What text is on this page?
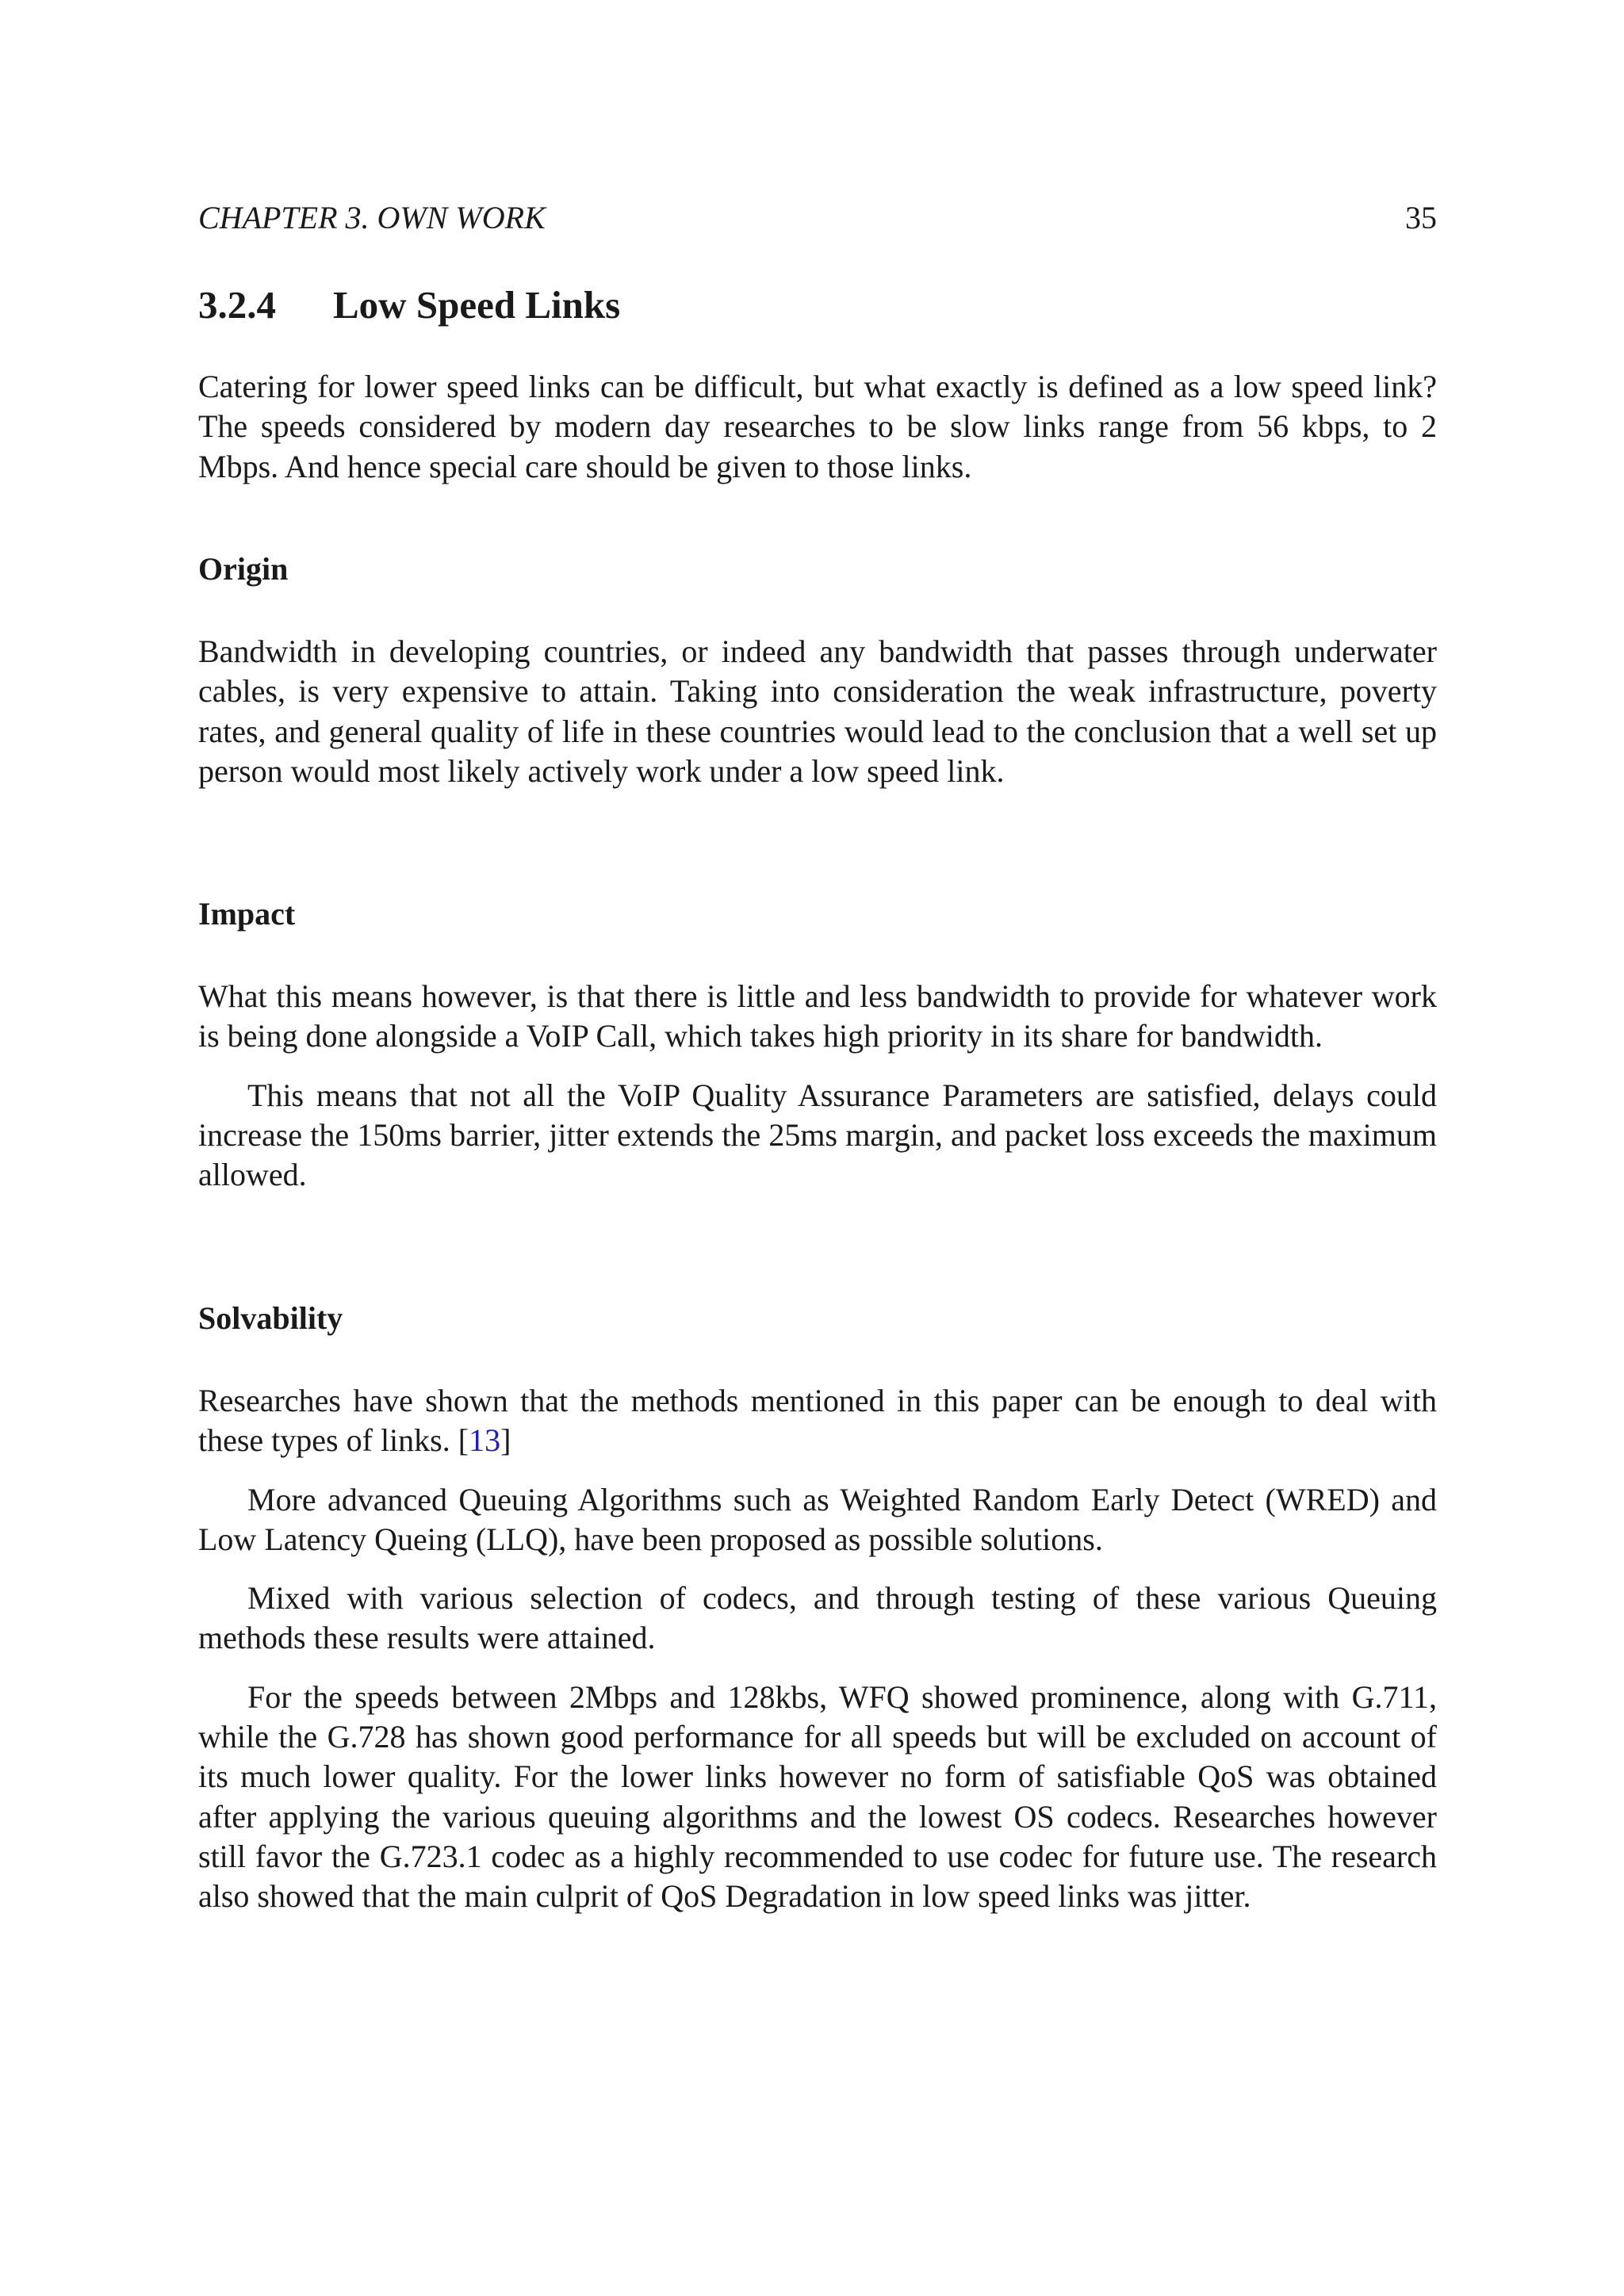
CHAPTER 3. OWN WORK	35
3.2.4 Low Speed Links

Catering for lower speed links can be difficult, but what exactly is defined as a low speed link? The speeds considered by modern day researches to be slow links range from 56 kbps, to 2 Mbps. And hence special care should be given to those links.

Origin

Bandwidth in developing countries, or indeed any bandwidth that passes through underwater cables, is very expensive to attain. Taking into consideration the weak infrastructure, poverty rates, and general quality of life in these countries would lead to the conclusion that a well set up person would most likely actively work under a low speed link.

Impact

What this means however, is that there is little and less bandwidth to provide for whatever work is being done alongside a VoIP Call, which takes high priority in its share for bandwidth.

This means that not all the VoIP Quality Assurance Parameters are satisfied, delays could increase the 150ms barrier, jitter extends the 25ms margin, and packet loss exceeds the maximum allowed.

Solvability

Researches have shown that the methods mentioned in this paper can be enough to deal with these types of links. [13]

More advanced Queuing Algorithms such as Weighted Random Early Detect (WRED) and Low Latency Queing (LLQ), have been proposed as possible solutions.

Mixed with various selection of codecs, and through testing of these various Queuing methods these results were attained.

For the speeds between 2Mbps and 128kbs, WFQ showed prominence, along with G.711, while the G.728 has shown good performance for all speeds but will be excluded on account of its much lower quality. For the lower links however no form of satisfiable QoS was obtained after applying the various queuing algorithms and the lowest OS codecs. Researches however still favor the G.723.1 codec as a highly recommended to use codec for future use. The research also showed that the main culprit of QoS Degradation in low speed links was jitter.
